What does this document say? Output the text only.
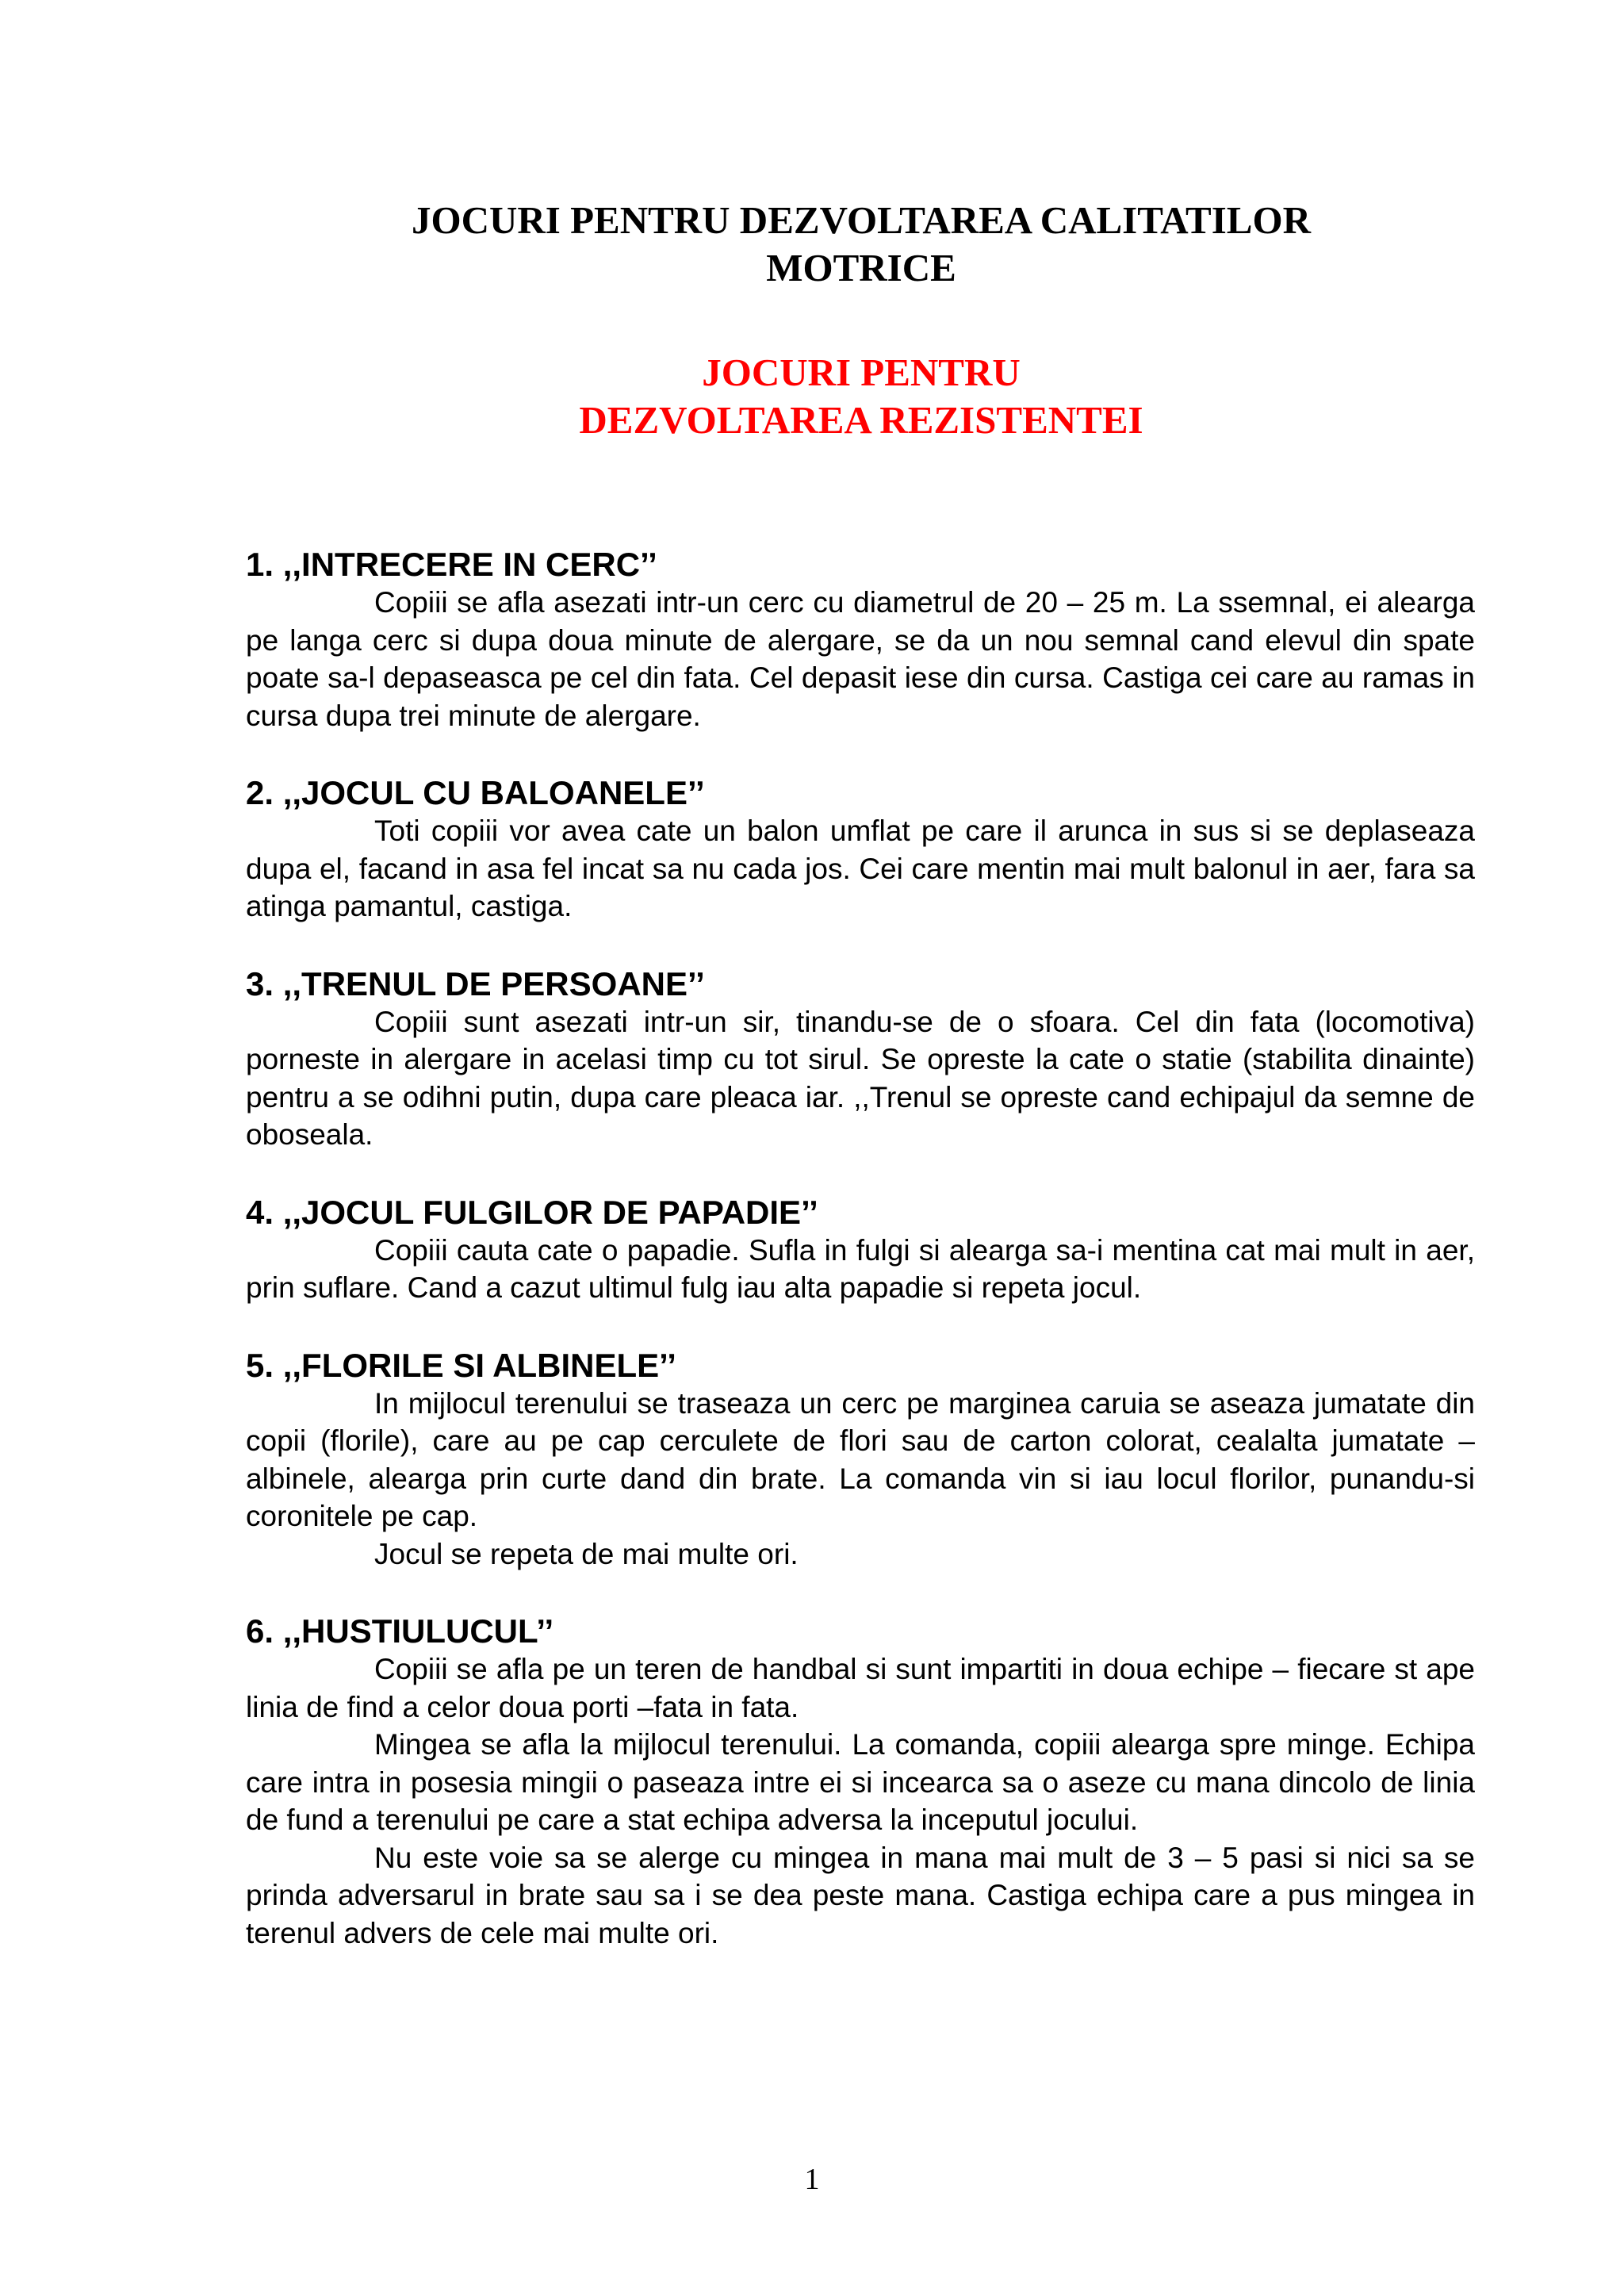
JOCURI PENTRU DEZVOLTAREA CALITATILOR
MOTRICE
JOCURI PENTRU
DEZVOLTAREA REZISTENTEI
1. ,,INTRECERE IN CERC’’

Copiii se afla asezati intr-un cerc cu diametrul de 20 – 25 m. La ssemnal, ei alearga pe langa cerc si dupa doua minute de alergare, se da un nou semnal cand elevul din spate poate sa-l depaseasca pe cel din fata. Cel depasit iese din cursa. Castiga cei care au ramas in cursa dupa trei minute de alergare.

2. ,,JOCUL CU BALOANELE’’

Toti copiii vor avea cate un balon umflat pe care il arunca in sus si se deplaseaza dupa el, facand in asa fel incat sa nu cada jos. Cei care mentin mai mult balonul in aer, fara sa atinga pamantul, castiga.

3. ,,TRENUL DE PERSOANE’’

Copiii sunt asezati intr-un sir, tinandu-se de o sfoara. Cel din fata (locomotiva) porneste in alergare in acelasi timp cu tot sirul. Se opreste la cate o statie (stabilita dinainte) pentru a se odihni putin, dupa care pleaca iar. ,,Trenul se opreste cand echipajul da semne de oboseala.

4. ,,JOCUL FULGILOR DE PAPADIE’’

Copiii cauta cate o papadie. Sufla in fulgi si alearga sa-i mentina cat mai mult in aer, prin suflare. Cand a cazut ultimul fulg iau alta papadie si repeta jocul.

5. ,,FLORILE SI ALBINELE’’

In mijlocul terenului se traseaza un cerc pe marginea caruia se aseaza jumatate din copii (florile), care au pe cap cerculete de flori sau de carton colorat, cealalta jumatate – albinele, alearga prin curte dand din brate. La comanda vin si iau locul florilor, punandu-si coronitele pe cap.

Jocul se repeta de mai multe ori.

6. ,,HUSTIULUCUL’’

Copiii se afla pe un teren de handbal si sunt impartiti in doua echipe – fiecare st ape linia de find a celor doua porti –fata in fata.

Mingea se afla la mijlocul terenului. La comanda, copiii alearga spre minge. Echipa care intra in posesia mingii o paseaza intre ei si incearca sa o aseze cu mana dincolo de linia de fund a terenului pe care a stat echipa adversa la inceputul jocului.

Nu este voie sa se alerge cu mingea in mana mai mult de 3 – 5 pasi si nici sa se prinda adversarul in brate sau sa i se dea peste mana. Castiga echipa care a pus mingea in terenul advers de cele mai multe ori.

1
